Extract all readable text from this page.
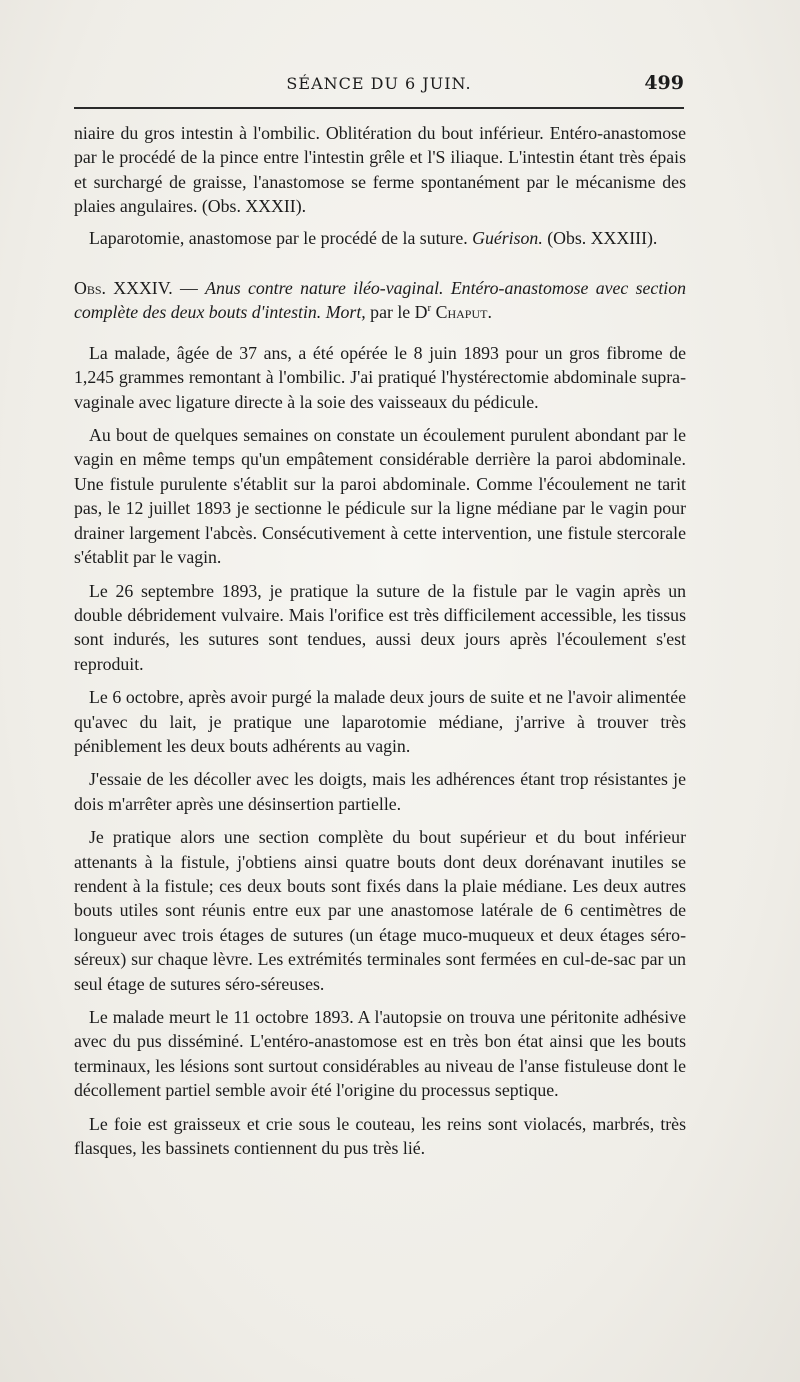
SÉANCE DU 6 JUIN.	499

niaire du gros intestin à l'ombilic. Oblitération du bout inférieur. Entéro-anastomose par le procédé de la pince entre l'intestin grêle et l'S iliaque. L'intestin étant très épais et surchargé de graisse, l'anastomose se ferme spontanément par le mécanisme des plaies angulaires. (Obs. XXXII).

Laparotomie, anastomose par le procédé de la suture. Guérison. (Obs. XXXIII).

Obs. XXXIV. — Anus contre nature iléo-vaginal. Entéro-anastomose avec section complète des deux bouts d'intestin. Mort, par le $D^r$ Chaput.

La malade, âgée de 37 ans, a été opérée le 8 juin 1893 pour un gros fibrome de 1,245 grammes remontant à l'ombilic. J'ai pratiqué l'hystérectomie abdominale supra-vaginale avec ligature directe à la soie des vaisseaux du pédicule.

Au bout de quelques semaines on constate un écoulement purulent abondant par le vagin en même temps qu'un empâtement considérable derrière la paroi abdominale. Une fistule purulente s'établit sur la paroi abdominale. Comme l'écoulement ne tarit pas, le 12 juillet 1893 je sectionne le pédicule sur la ligne médiane par le vagin pour drainer largement l'abcès. Consécutivement à cette intervention, une fistule stercorale s'établit par le vagin.

Le 26 septembre 1893, je pratique la suture de la fistule par le vagin après un double débridement vulvaire. Mais l'orifice est très difficilement accessible, les tissus sont indurés, les sutures sont tendues, aussi deux jours après l'écoulement s'est reproduit.

Le 6 octobre, après avoir purgé la malade deux jours de suite et ne l'avoir alimentée qu'avec du lait, je pratique une laparotomie médiane, j'arrive à trouver très péniblement les deux bouts adhérents au vagin.

J'essaie de les décoller avec les doigts, mais les adhérences étant trop résistantes je dois m'arrêter après une désinsertion partielle.

Je pratique alors une section complète du bout supérieur et du bout inférieur attenants à la fistule, j'obtiens ainsi quatre bouts dont deux dorénavant inutiles se rendent à la fistule; ces deux bouts sont fixés dans la plaie médiane. Les deux autres bouts utiles sont réunis entre eux par une anastomose latérale de 6 centimètres de longueur avec trois étages de sutures (un étage muco-muqueux et deux étages séro-séreux) sur chaque lèvre. Les extrémités terminales sont fermées en cul-de-sac par un seul étage de sutures séro-séreuses.

Le malade meurt le 11 octobre 1893. A l'autopsie on trouva une péritonite adhésive avec du pus disséminé. L'entéro-anastomose est en très bon état ainsi que les bouts terminaux, les lésions sont surtout considérables au niveau de l'anse fistuleuse dont le décollement partiel semble avoir été l'origine du processus septique.

Le foie est graisseux et crie sous le couteau, les reins sont violacés, marbrés, très flasques, les bassinets contiennent du pus très lié.
